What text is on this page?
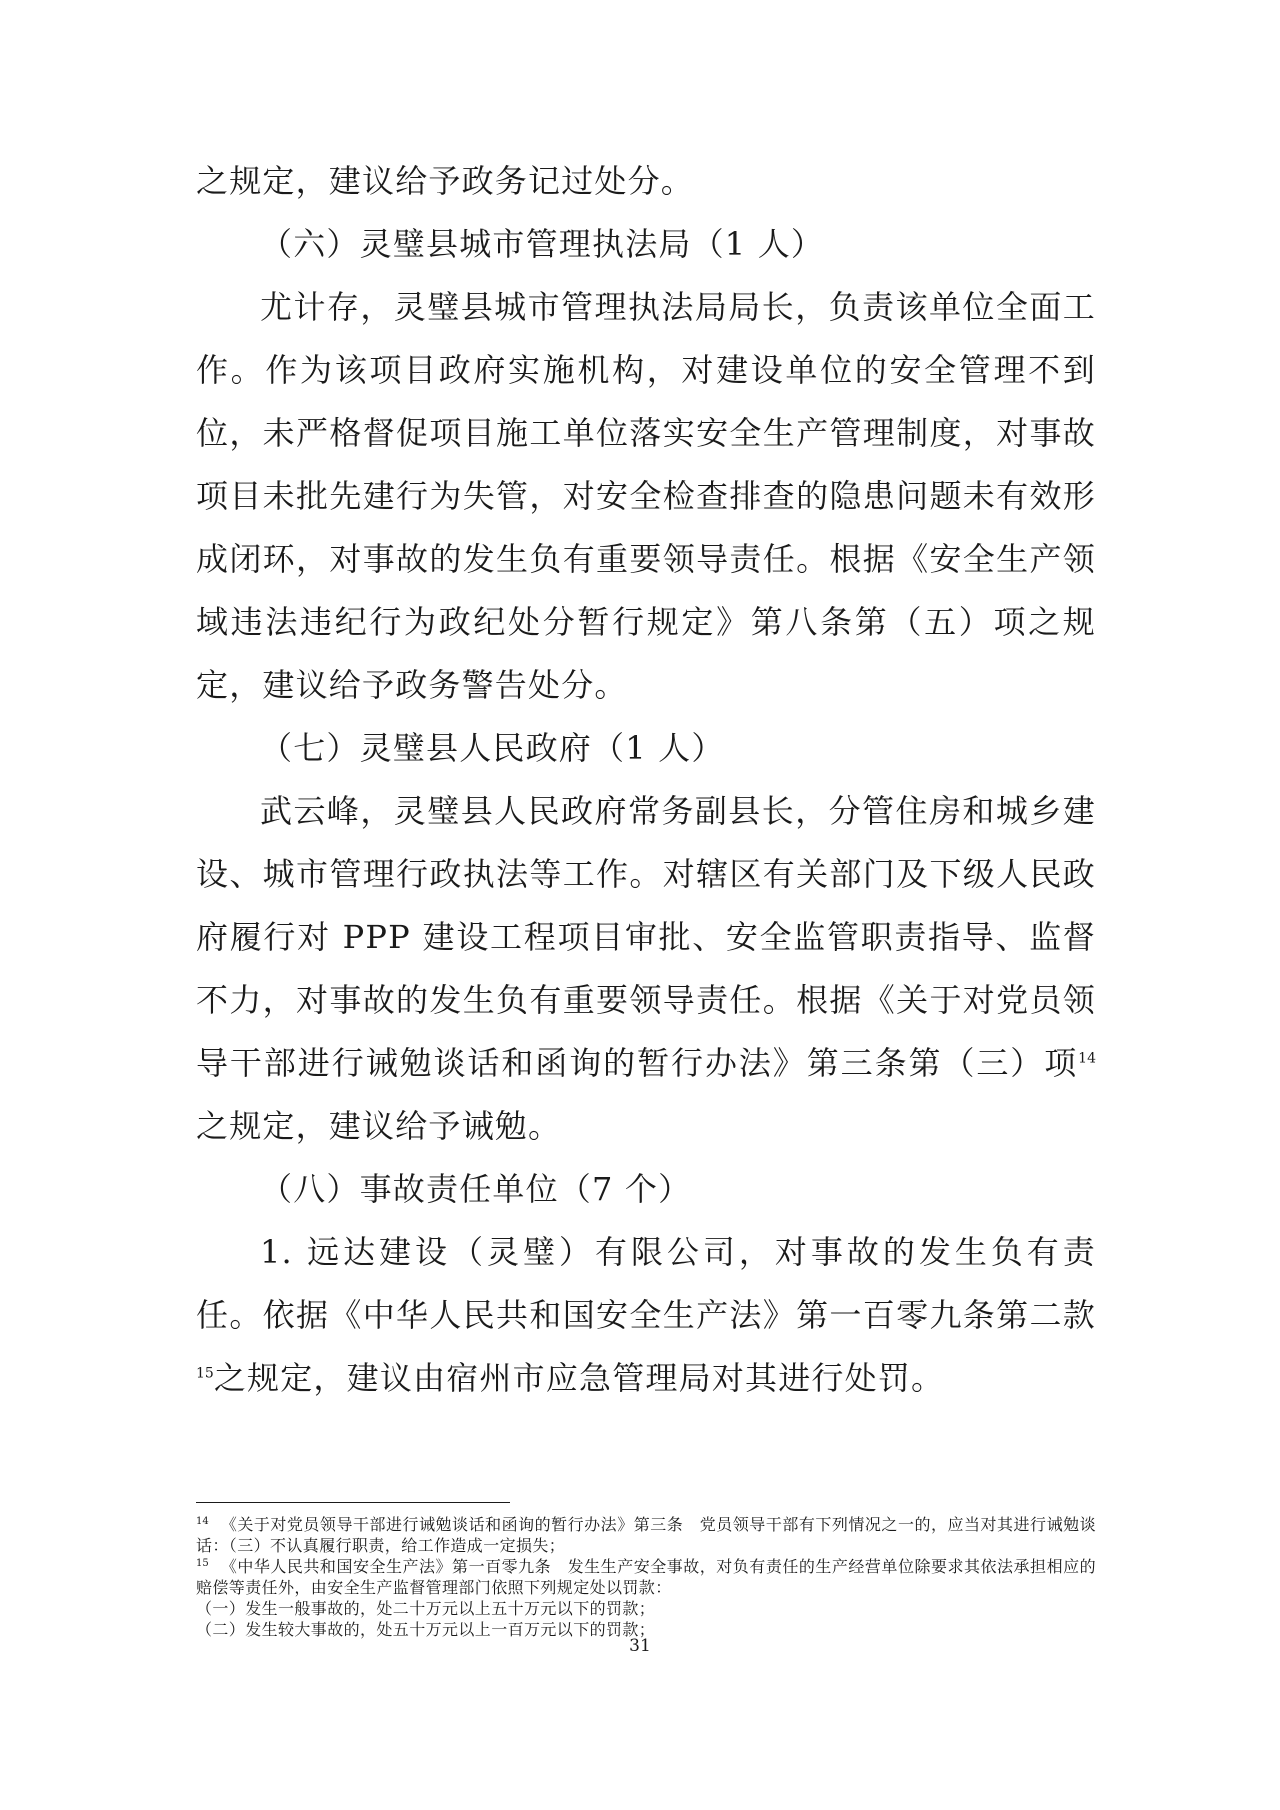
之规定，建议给予政务记过处分。

（六）灵璧县城市管理执法局（1 人）

尤计存，灵璧县城市管理执法局局长，负责该单位全面工作。作为该项目政府实施机构，对建设单位的安全管理不到位，未严格督促项目施工单位落实安全生产管理制度，对事故项目未批先建行为失管，对安全检查排查的隐患问题未有效形成闭环，对事故的发生负有重要领导责任。根据《安全生产领域违法违纪行为政纪处分暂行规定》第八条第（五）项之规定，建议给予政务警告处分。

（七）灵璧县人民政府（1 人）

武云峰，灵璧县人民政府常务副县长，分管住房和城乡建设、城市管理行政执法等工作。对辖区有关部门及下级人民政府履行对 PPP 建设工程项目审批、安全监管职责指导、监督不力，对事故的发生负有重要领导责任。根据《关于对党员领导干部进行诫勉谈话和函询的暂行办法》第三条第（三）项$^{14}$之规定，建议给予诫勉。

（八）事故责任单位（7 个）

1. 远达建设（灵璧）有限公司，对事故的发生负有责任。依据《中华人民共和国安全生产法》第一百零九条第二款$^{15}$之规定，建议由宿州市应急管理局对其进行处罚。

$^{14}$ 《关于对党员领导干部进行诫勉谈话和函询的暂行办法》第三条　党员领导干部有下列情况之一的，应当对其进行诫勉谈话：（三）不认真履行职责，给工作造成一定损失；

$^{15}$ 《中华人民共和国安全生产法》第一百零九条　发生生产安全事故，对负有责任的生产经营单位除要求其依法承担相应的赔偿等责任外，由安全生产监督管理部门依照下列规定处以罚款：

（一）发生一般事故的，处二十万元以上五十万元以下的罚款；

（二）发生较大事故的，处五十万元以上一百万元以下的罚款；

31
